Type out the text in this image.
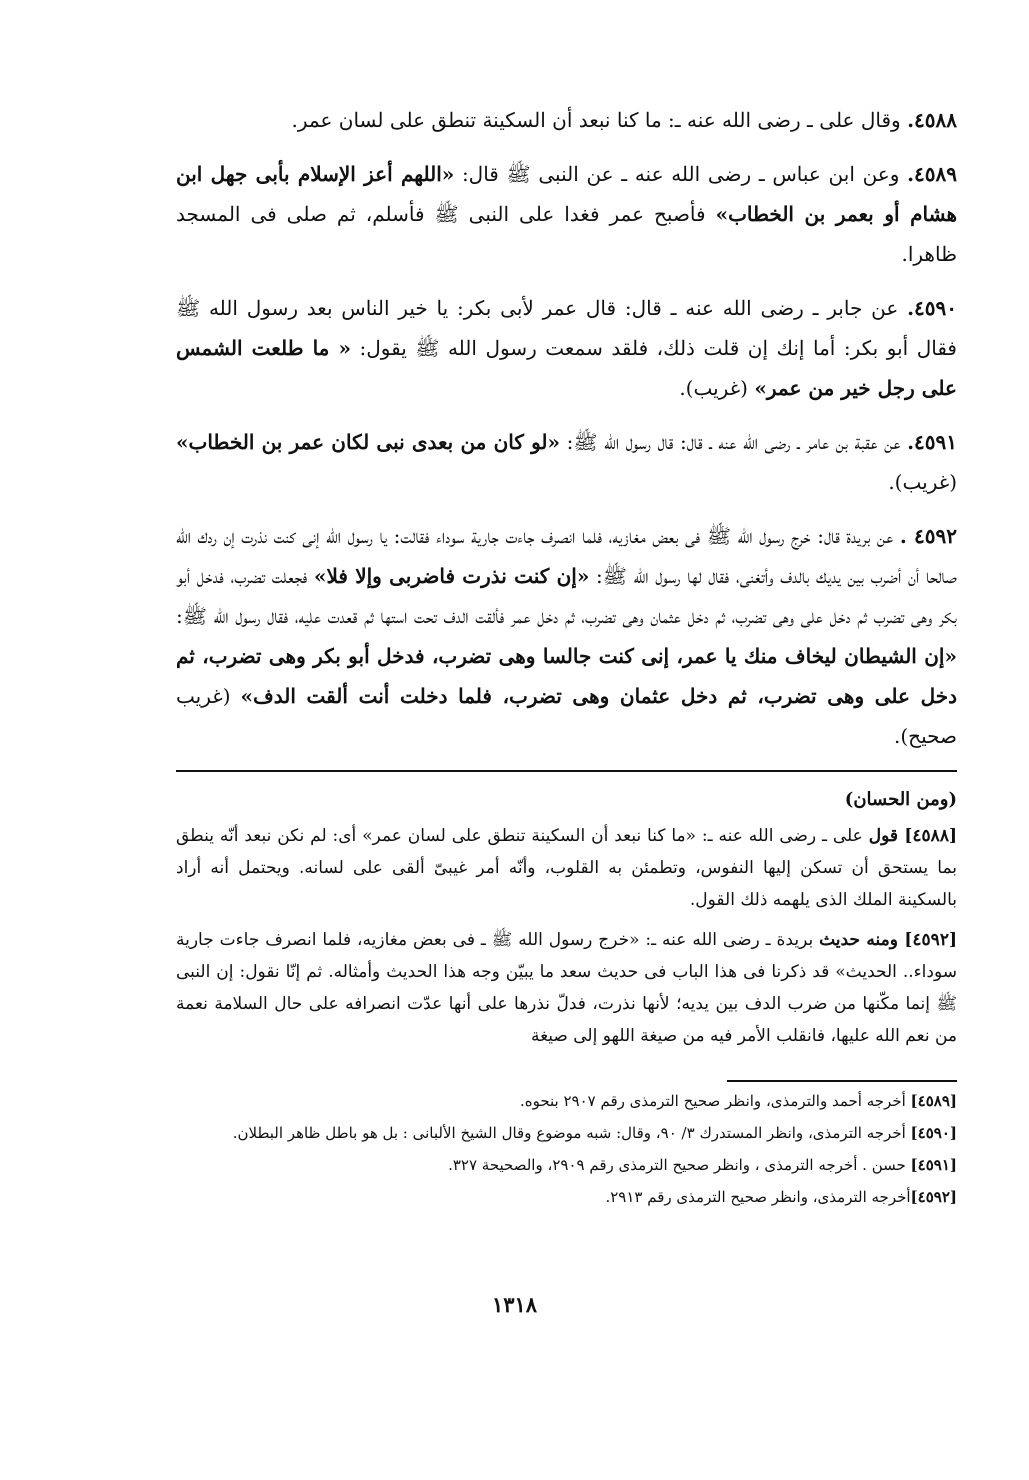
٤٥٨٨. وقال على ـ رضى الله عنه ـ: ما كنا نبعد أن السكينة تنطق على لسان عمر.

٤٥٨٩. وعن ابن عباس ـ رضى الله عنه ـ عن النبى ﷺ قال: «اللهم أعز الإسلام بأبى جهل ابن هشام أو بعمر بن الخطاب» فأصبح عمر فغدا على النبى ﷺ فأسلم، ثم صلى فى المسجد ظاهرا.

٤٥٩٠. عن جابر ـ رضى الله عنه ـ قال: قال عمر لأبى بكر: يا خير الناس بعد رسول الله ﷺ فقال أبو بكر: أما إنك إن قلت ذلك، فلقد سمعت رسول الله ﷺ يقول: « ما طلعت الشمس على رجل خير من عمر» (غريب).

٤٥٩١. عن عقبة بن عامر ـ رضى الله عنه ـ قال: قال رسول الله ﷺ: «لو كان من بعدى نبى لكان عمر بن الخطاب» (غريب).

٤٥٩٢ . عن بريدة قال: خرج رسول الله ﷺ فى بعض مغازيه، فلما انصرف جاءت جارية سوداء فقالت: يا رسول الله إنى كنت نذرت إن ردك الله صالحا أن أضرب بين يديك بالدف وأتغنى، فقال لها رسول الله ﷺ: «إن كنت نذرت فاضربى وإلا فلا» فجعلت تضرب، فدخل أبو بكر وهى تضرب ثم دخل على وهى تضرب، ثم دخل عثمان وهى تضرب، ثم دخل عمر فألقت الدف تحت استها ثم قعدت عليه، فقال رسول الله ﷺ: «إن الشيطان ليخاف منك يا عمر، إنى كنت جالسا وهى تضرب، فدخل أبو بكر وهى تضرب، ثم دخل على وهى تضرب، ثم دخل عثمان وهى تضرب، فلما دخلت أنت ألقت الدف» (غريب صحيح).

(ومن الحسان)

[٤٥٨٨] قول على ـ رضى الله عنه ـ: «ما كنا نبعد أن السكينة تنطق على لسان عمر» أى: لم نكن نبعد أنّه ينطق بما يستحق أن تسكن إليها النفوس، وتطمئن به القلوب، وأنّه أمر غيبىّ ألقى على لسانه. ويحتمل أنه أراد بالسكينة الملك الذى يلهمه ذلك القول.

[٤٥٩٢] ومنه حديث بريدة ـ رضى الله عنه ـ: «خرج رسول الله ﷺ ـ فى بعض مغازيه، فلما انصرف جاءت جارية سوداء.. الحديث» قد ذكرنا فى هذا الباب فى حديث سعد ما يبيّن وجه هذا الحديث وأمثاله. ثم إنّا نقول: إن النبى ﷺ إنما مكّنها من ضرب الدف بين يديه؛ لأنها نذرت، فدلّ نذرها على أنها عدّت انصرافه على حال السلامة نعمة من نعم الله عليها، فانقلب الأمر فيه من صيغة اللهو إلى صيغة

[٤٥٨٩] أخرجه أحمد والترمذى، وانظر صحيح الترمذى رقم ٢٩٠٧ بنحوه.

[٤٥٩٠] أخرجه الترمذى، وانظر المستدرك ٣/ ٩٠، وقال: شبه موضوع وقال الشيخ الألبانى : بل هو باطل ظاهر البطلان.

[٤٥٩١] حسن . أخرجه الترمذى ، وانظر صحيح الترمذى رقم ٢٩٠٩، والصحيحة ٣٢٧.

[٤٥٩٢]أخرجه الترمذى، وانظر صحيح الترمذى رقم ٢٩١٣.

١٣١٨
